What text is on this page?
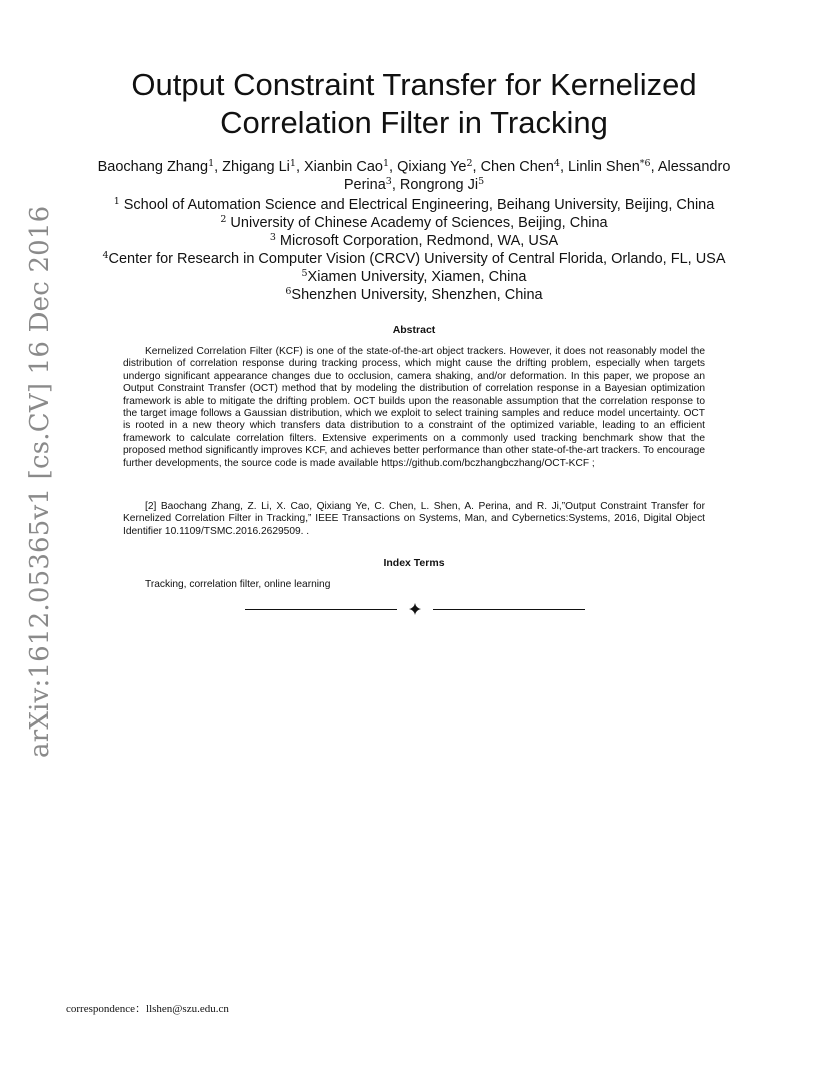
Output Constraint Transfer for Kernelized
Correlation Filter in Tracking
Baochang Zhang$^1$, Zhigang Li$^1$, Xianbin Cao$^1$, Qixiang Ye$^2$, Chen Chen$^4$, Linlin Shen$^{*6}$, Alessandro Perina$^3$, Rongrong Ji$^5$
$^1$ School of Automation Science and Electrical Engineering, Beihang University, Beijing, China
$^2$ University of Chinese Academy of Sciences, Beijing, China
$^3$ Microsoft Corporation, Redmond, WA, USA
$^4$Center for Research in Computer Vision (CRCV) University of Central Florida, Orlando, FL, USA
$^5$Xiamen University, Xiamen, China
$^6$Shenzhen University, Shenzhen, China
Abstract

Kernelized Correlation Filter (KCF) is one of the state-of-the-art object trackers. However, it does not reasonably model the distribution of correlation response during tracking process, which might cause the drifting problem, especially when targets undergo significant appearance changes due to occlusion, camera shaking, and/or deformation. In this paper, we propose an Output Constraint Transfer (OCT) method that by modeling the distribution of correlation response in a Bayesian optimization framework is able to mitigate the drifting problem. OCT builds upon the reasonable assumption that the correlation response to the target image follows a Gaussian distribution, which we exploit to select training samples and reduce model uncertainty. OCT is rooted in a new theory which transfers data distribution to a constraint of the optimized variable, leading to an efficient framework to calculate correlation filters. Extensive experiments on a commonly used tracking benchmark show that the proposed method significantly improves KCF, and achieves better performance than other state-of-the-art trackers. To encourage further developments, the source code is made available https://github.com/bczhangbczhang/OCT-KCF ;

[2] Baochang Zhang, Z. Li, X. Cao, Qixiang Ye, C. Chen, L. Shen, A. Perina, and R. Ji,”Output Constraint Transfer for Kernelized Correlation Filter in Tracking,” IEEE Transactions on Systems, Man, and Cybernetics:Systems, 2016, Digital Object Identifier 10.1109/TSMC.2016.2629509. .

Index Terms
Tracking, correlation filter, online learning
arXiv:1612.05365v1 [cs.CV] 16 Dec 2016
correspondence：llshen@szu.edu.cn
